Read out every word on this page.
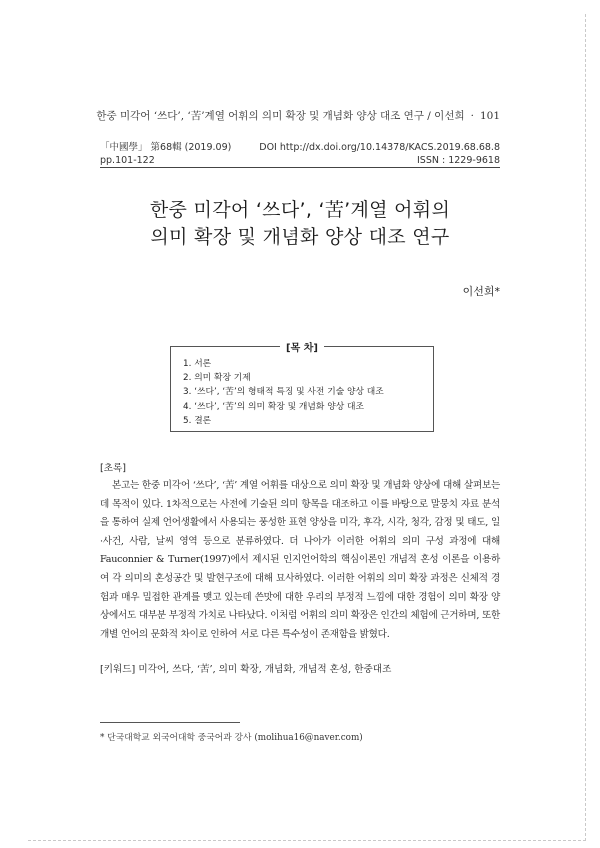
한중 미각어 ‘쓰다’, ‘苦’계열 어휘의 의미 확장 및 개념화 양상 대조 연구 / 이선희 · 101
「中國學」 第68輯 (2019.09)	DOI http://dx.doi.org/10.14378/KACS.2019.68.68.8
pp.101-122	ISSN : 1229-9618
한중 미각어 ‘쓰다’, ‘苦’계열 어휘의
의미 확장 및 개념화 양상 대조 연구
이선희*
[목 차]
1. 서론
2. 의미 확장 기제
3. ‘쓰다’, ‘苦’의 형태적 특징 및 사전 기술 양상 대조
4. ‘쓰다’, ‘苦’의 의미 확장 및 개념화 양상 대조
5. 결론
[초록]

본고는 한중 미각어 ‘쓰다’, ‘苦’ 계열 어휘를 대상으로 의미 확장 및 개념화 양상에 대해 살펴보는데 목적이 있다. 1차적으로는 사전에 기술된 의미 항목을 대조하고 이를 바탕으로 말뭉치 자료 분석을 통하여 실제 언어생활에서 사용되는 풍성한 표현 양상을 미각, 후각, 시각, 청각, 감정 및 태도, 일·사건, 사람, 날씨 영역 등으로 분류하였다. 더 나아가 이러한 어휘의 의미 구성 과정에 대해 Fauconnier & Turner(1997)에서 제시된 인지언어학의 핵심이론인 개념적 혼성 이론을 이용하여 각 의미의 혼성공간 및 발현구조에 대해 묘사하였다. 이러한 어휘의 의미 확장 과정은 신체적 경험과 매우 밀접한 관계를 맺고 있는데 쓴맛에 대한 우리의 부정적 느낌에 대한 경험이 의미 확장 양상에서도 대부분 부정적 가치로 나타났다. 이처럼 어휘의 의미 확장은 인간의 체험에 근거하며, 또한 개별 언어의 문화적 차이로 인하여 서로 다른 특수성이 존재함을 밝혔다.

[키워드] 미각어, 쓰다, ‘苦’, 의미 확장, 개념화, 개념적 혼성, 한중대조
* 단국대학교 외국어대학 중국어과 강사 (molihua16@naver.com)
